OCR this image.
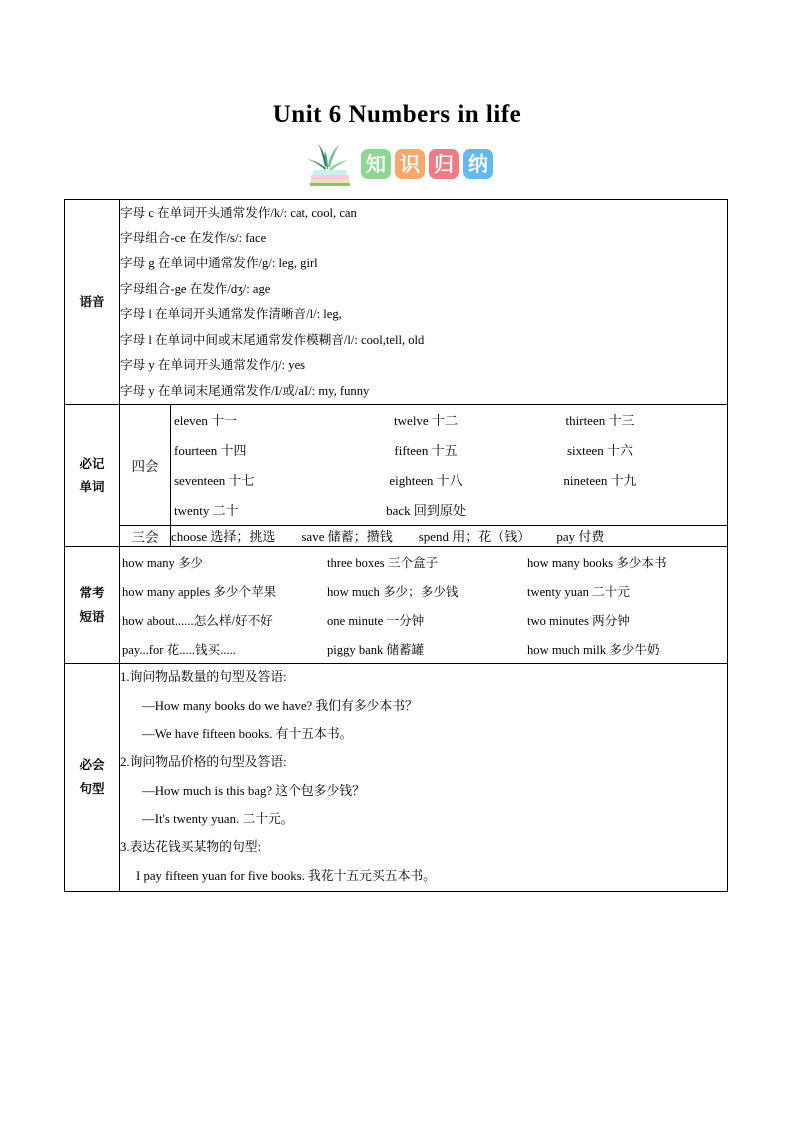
Unit 6 Numbers in life
知 识 归 纳
语音	
字母 c 在单词开头通常发作/k/: cat, cool, can
字母组合-ce 在发作/s/: face
字母 g 在单词中通常发作/g/: leg, girl
字母组合-ge 在发作/dʒ/: age
字母 l 在单词开头通常发作清晰音/l/: leg,
字母 l 在单词中间或末尾通常发作模糊音/l/: cool,tell, old
字母 y 在单词开头通常发作/j/: yes
字母 y 在单词末尾通常发作/I/或/aI/: my, funny

必记
单词
	四会	
eleven 十一	twelve 十二	thirteen 十三
fourteen 十四	fifteen 十五	sixteen 十六
seventeen 十七	eighteen 十八	nineteen 十九
twenty 二十	back 回到原处

	三会	choose 选择；挑选 save 储蓄；攒钱 spend 用；花（钱） pay 付费

常考
短语

how many 多少	three boxes 三个盒子	how many books 多少本书
how many apples 多少个苹果	how much 多少；多少钱	twenty yuan 二十元
how about......怎么样/好不好	one minute 一分钟	two minutes 两分钟
pay...for 花.....钱买.....	piggy bank 储蓄罐	how much milk 多少牛奶

必会
句型

1.询问物品数量的句型及答语:
—How many books do we have? 我们有多少本书？
—We have fifteen books. 有十五本书。
2.询问物品价格的句型及答语:
—How much is this bag? 这个包多少钱？
—It's twenty yuan. 二十元。
3.表达花钱买某物的句型:
I pay fifteen yuan for five books. 我花十五元买五本书。
